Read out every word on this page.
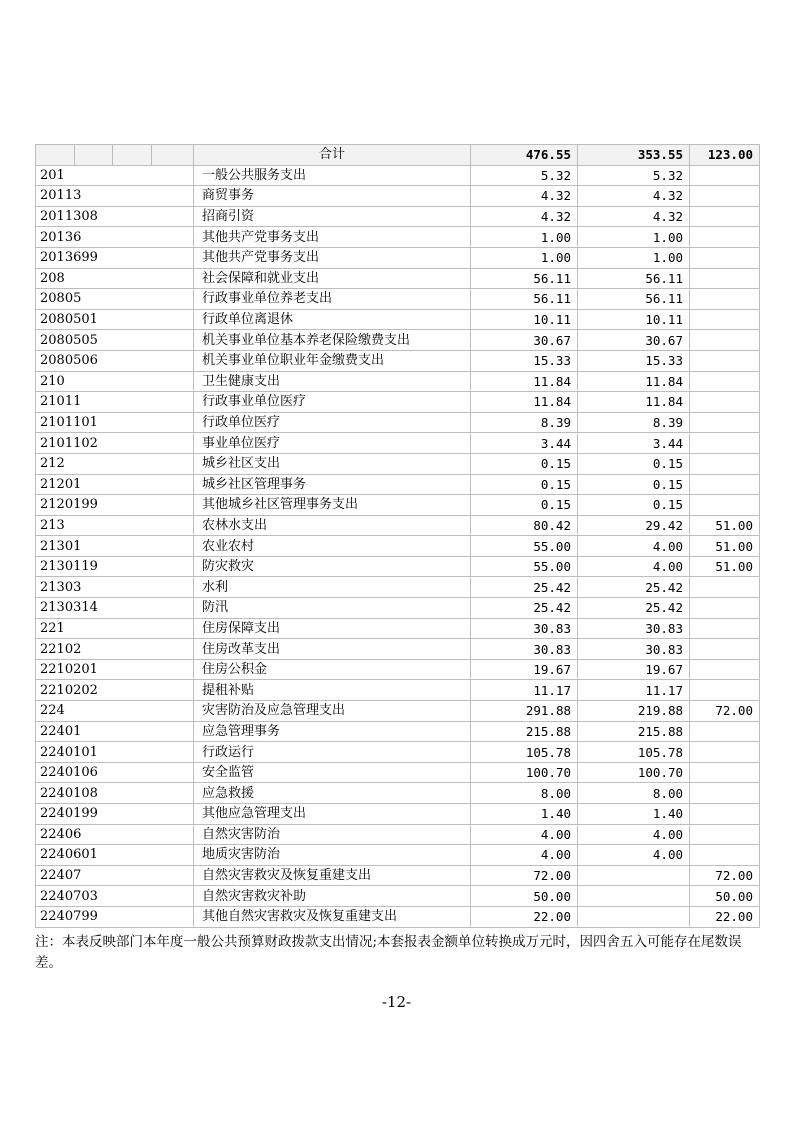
				合计	476.55	353.55	123.00
201				一般公共服务支出	5.32	5.32	
20113				商贸事务	4.32	4.32	
2011308				招商引资	4.32	4.32	
20136				其他共产党事务支出	1.00	1.00	
2013699				其他共产党事务支出	1.00	1.00	
208				社会保障和就业支出	56.11	56.11	
20805				行政事业单位养老支出	56.11	56.11	
2080501				行政单位离退休	10.11	10.11	
2080505				机关事业单位基本养老保险缴费支出	30.67	30.67	
2080506				机关事业单位职业年金缴费支出	15.33	15.33	
210				卫生健康支出	11.84	11.84	
21011				行政事业单位医疗	11.84	11.84	
2101101				行政单位医疗	8.39	8.39	
2101102				事业单位医疗	3.44	3.44	
212				城乡社区支出	0.15	0.15	
21201				城乡社区管理事务	0.15	0.15	
2120199				其他城乡社区管理事务支出	0.15	0.15	
213				农林水支出	80.42	29.42	51.00
21301				农业农村	55.00	4.00	51.00
2130119				防灾救灾	55.00	4.00	51.00
21303				水利	25.42	25.42	
2130314				防汛	25.42	25.42	
221				住房保障支出	30.83	30.83	
22102				住房改革支出	30.83	30.83	
2210201				住房公积金	19.67	19.67	
2210202				提租补贴	11.17	11.17	
224				灾害防治及应急管理支出	291.88	219.88	72.00
22401				应急管理事务	215.88	215.88	
2240101				行政运行	105.78	105.78	
2240106				安全监管	100.70	100.70	
2240108				应急救援	8.00	8.00	
2240199				其他应急管理支出	1.40	1.40	
22406				自然灾害防治	4.00	4.00	
2240601				地质灾害防治	4.00	4.00	
22407				自然灾害救灾及恢复重建支出	72.00		72.00
2240703				自然灾害救灾补助	50.00		50.00
2240799				其他自然灾害救灾及恢复重建支出	22.00		22.00
注：本表反映部门本年度一般公共预算财政拨款支出情况;本套报表金额单位转换成万元时，因四舍五入可能存在尾数误差。
-12-
